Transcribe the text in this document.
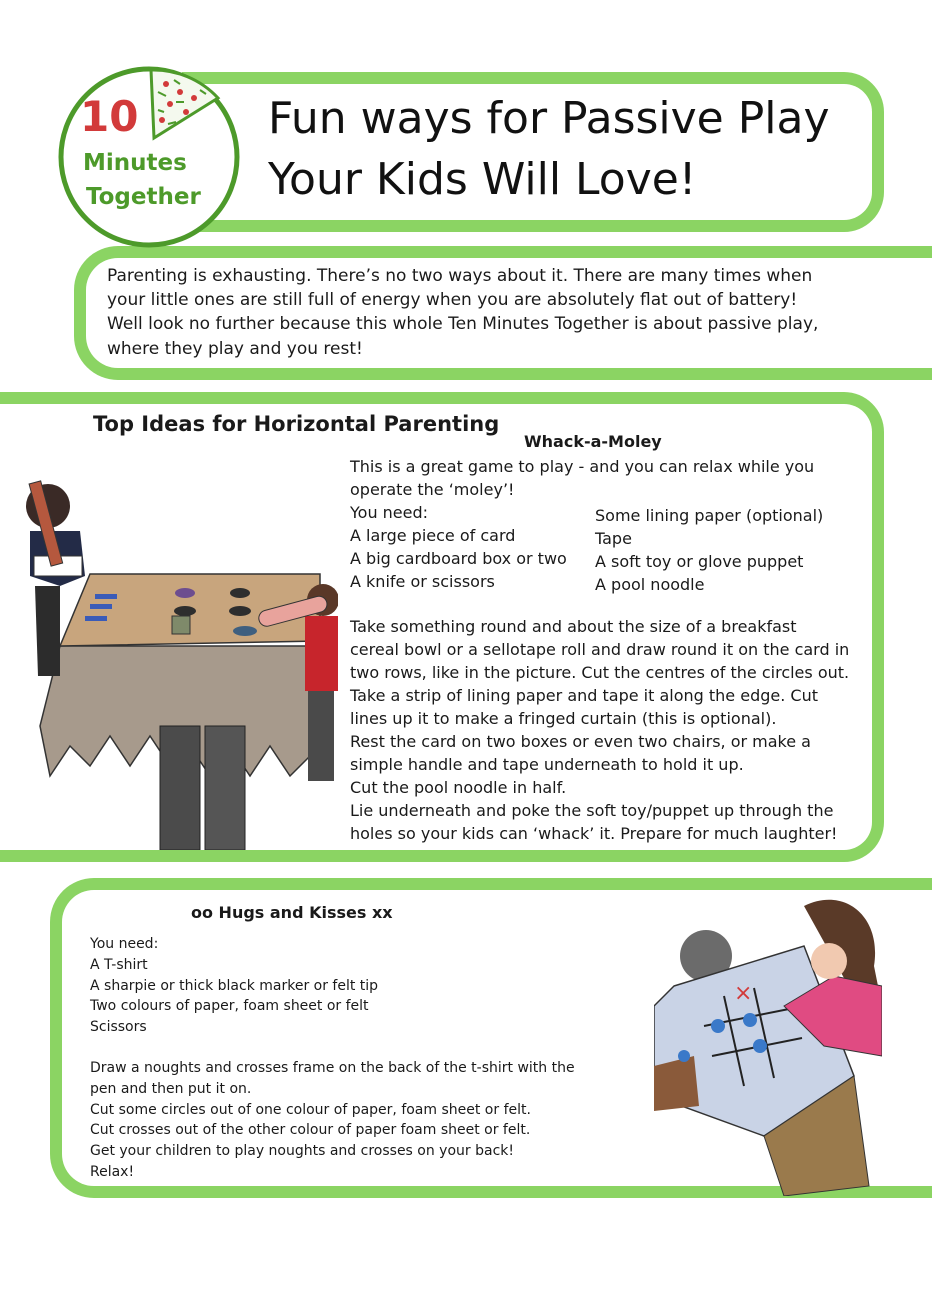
10
Minutes
Together
Fun ways for Passive Play
Your Kids Will Love!
Parenting is exhausting. There’s no two ways about it. There are many times when
your little ones are still full of energy when you are absolutely flat out of battery!
Well look no further because this whole Ten Minutes Together is about passive play,
where they play and you rest!
Top Ideas for Horizontal Parenting
Whack-a-Moley
This is a great game to play - and you can relax while you
operate the ‘moley’!
You need:
A large piece of card
A big cardboard box or two
A knife or scissors
Some lining paper (optional)
Tape
A soft toy or glove puppet
A pool noodle
Take something round and about the size of a breakfast
cereal bowl or a sellotape roll and draw round it on the card in
two rows, like in the picture. Cut the centres of the circles out.
Take a strip of lining paper and tape it along the edge. Cut
lines up it to make a fringed curtain (this is optional).
Rest the card on two boxes or even two chairs, or make a
simple handle and tape underneath to hold it up.
Cut the pool noodle in half.
Lie underneath and poke the soft toy/puppet up through the
holes so your kids can ‘whack’ it. Prepare for much laughter!
oo Hugs and Kisses xx
You need:
A T-shirt
A sharpie or thick black marker or felt tip
Two colours of paper, foam sheet or felt
Scissors
Draw a noughts and crosses frame on the back of the t-shirt with the
pen and then put it on.
Cut some circles out of one colour of paper, foam sheet or felt.
Cut crosses out of the other colour of paper foam sheet or felt.
Get your children to play noughts and crosses on your back!
Relax!
×
